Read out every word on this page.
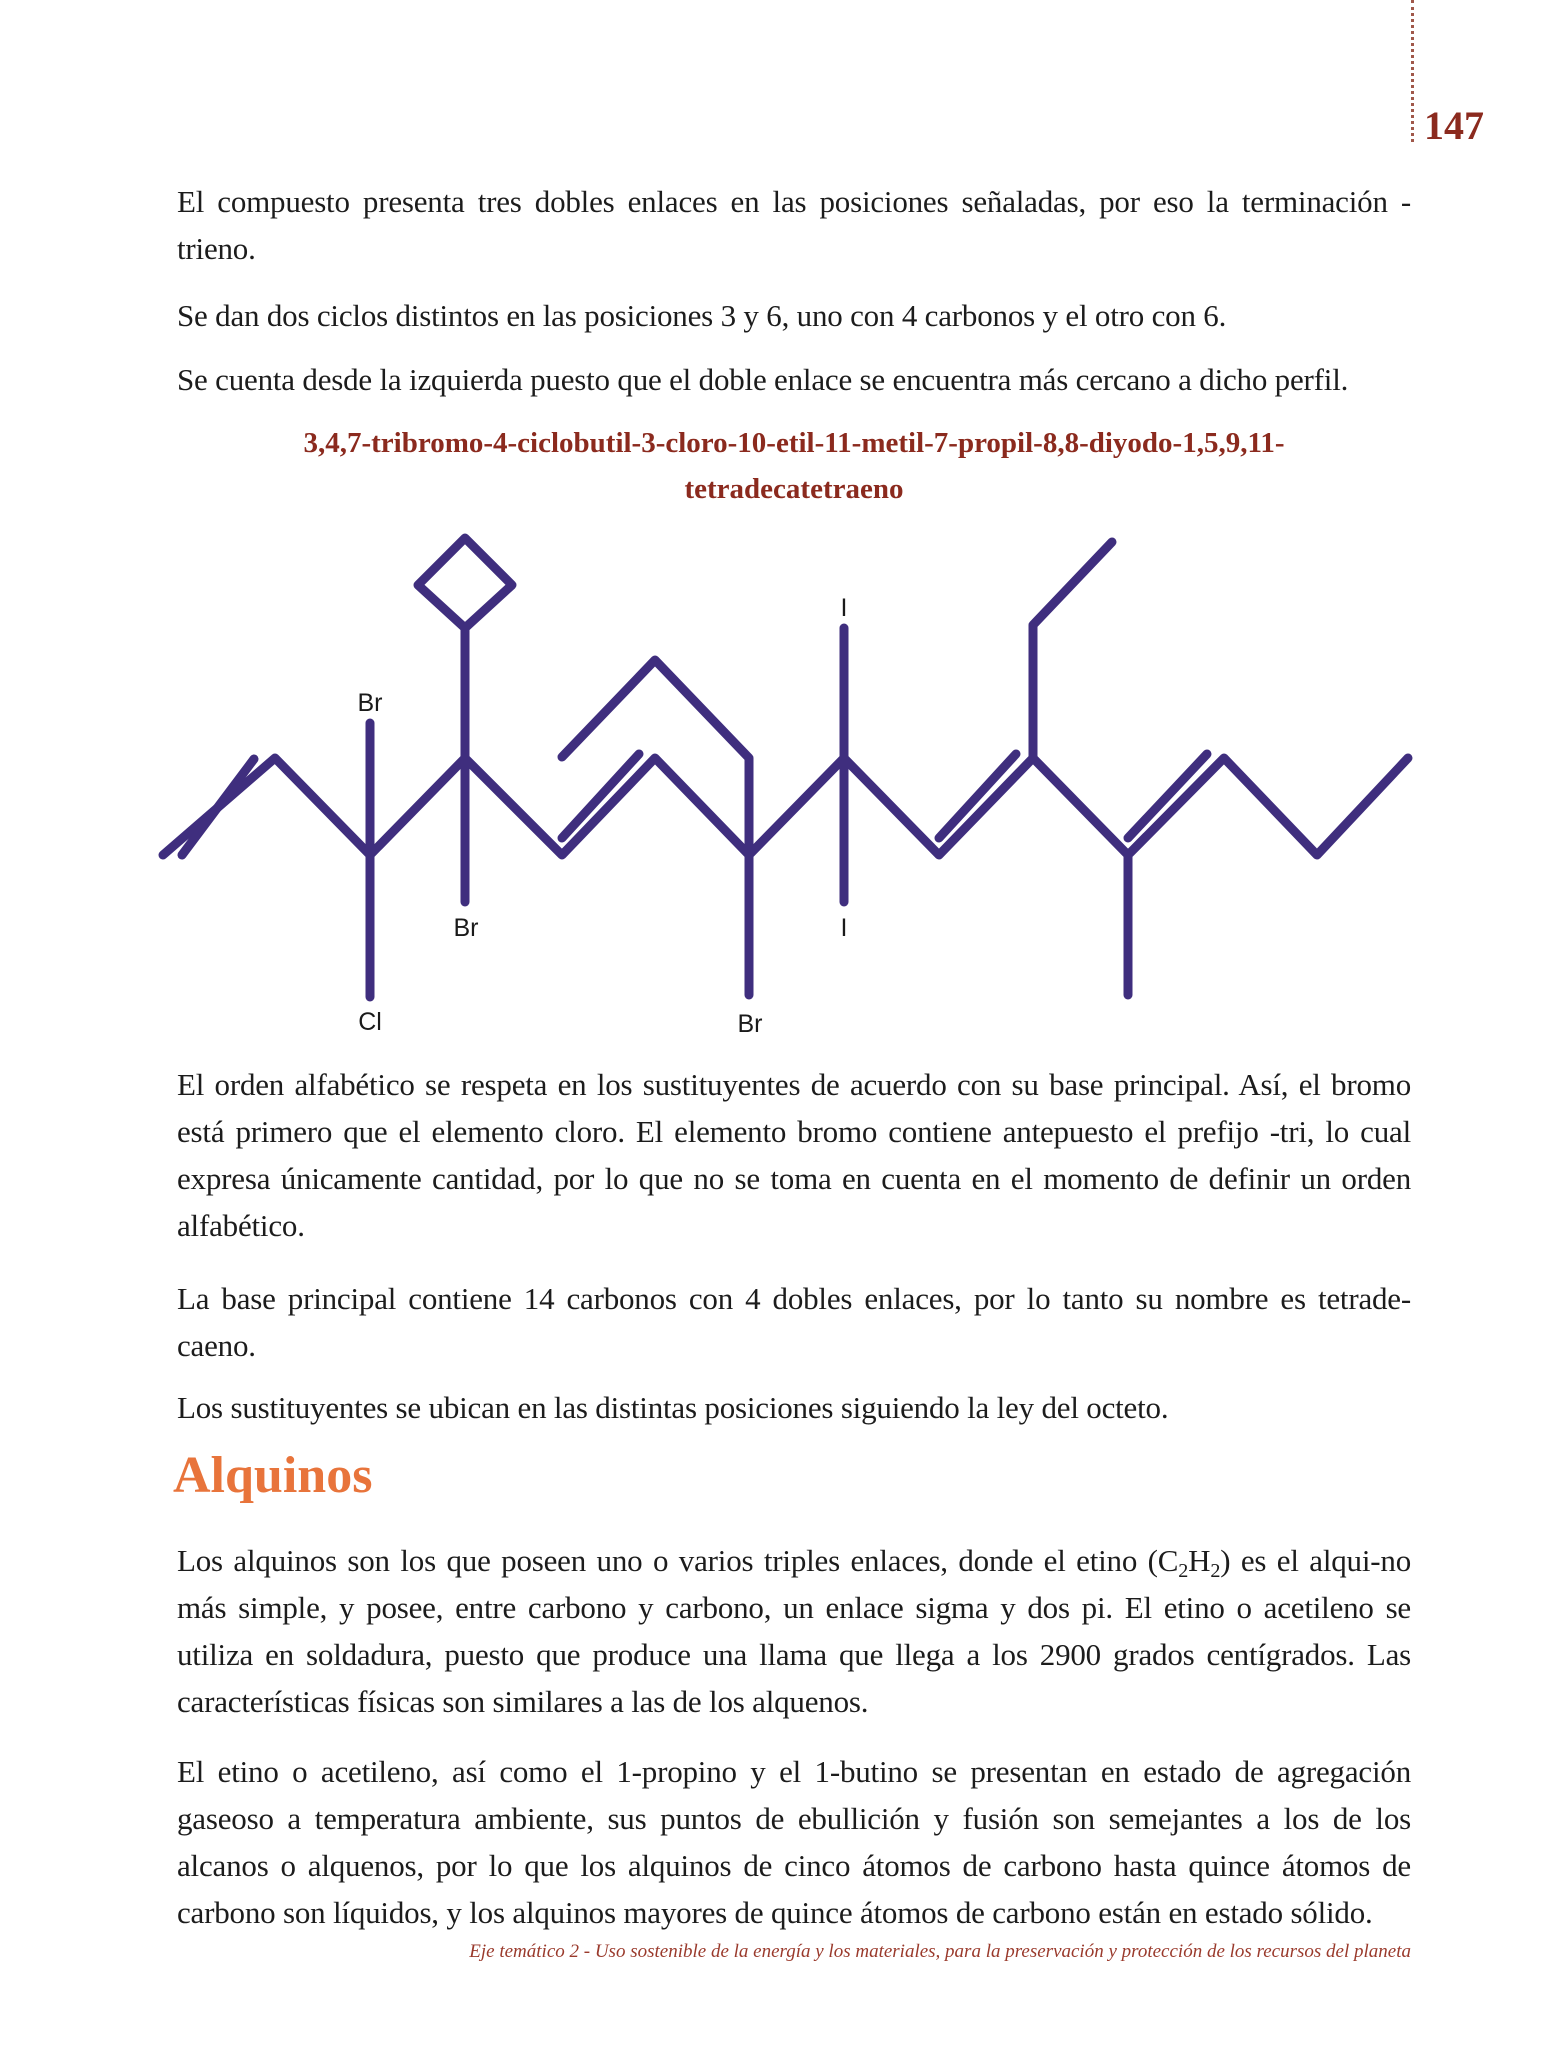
147

El compuesto presenta tres dobles enlaces en las posiciones señaladas, por eso la terminación -trieno.

Se dan dos ciclos distintos en las posiciones 3 y 6, uno con 4 carbonos y el otro con 6.

Se cuenta desde la izquierda puesto que el doble enlace se encuentra más cercano a dicho perfil.

3,4,7-tribromo-4-ciclobutil-3-cloro-10-etil-11-metil-7-propil-8,8-diyodo-1,5,9,11-

tetradecatetraeno

Br
Cl
Br
Br
I
I

El orden alfabético se respeta en los sustituyentes de acuerdo con su base principal. Así, el bromo está primero que el elemento cloro. El elemento bromo contiene antepuesto el prefijo -tri, lo cual expresa únicamente cantidad, por lo que no se toma en cuenta en el momento de definir un orden alfabético.

La base principal contiene 14 carbonos con 4 dobles enlaces, por lo tanto su nombre es tetrade-caeno.

Los sustituyentes se ubican en las distintas posiciones siguiendo la ley del octeto.

Alquinos

Los alquinos son los que poseen uno o varios triples enlaces, donde el etino $(C_2H_2)$ es el alqui-no más simple, y posee, entre carbono y carbono, un enlace sigma y dos pi. El etino o acetileno se utiliza en soldadura, puesto que produce una llama que llega a los 2900 grados centígrados. Las características físicas son similares a las de los alquenos.

El etino o acetileno, así como el 1-propino y el 1-butino se presentan en estado de agregación gaseoso a temperatura ambiente, sus puntos de ebullición y fusión son semejantes a los de los alcanos o alquenos, por lo que los alquinos de cinco átomos de carbono hasta quince átomos de carbono son líquidos, y los alquinos mayores de quince átomos de carbono están en estado sólido.

Eje temático 2 - Uso sostenible de la energía y los materiales, para la preservación y protección de los recursos del planeta
